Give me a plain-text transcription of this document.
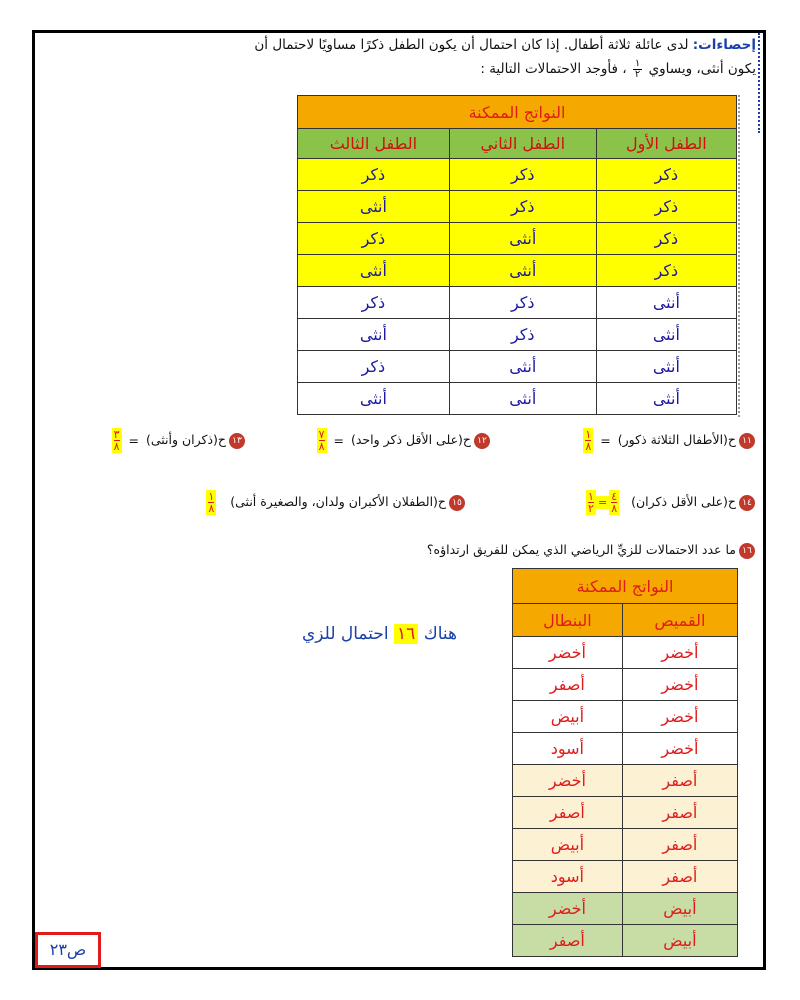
إحصاءات: لدى عائلة ثلاثة أطفال. إذا كان احتمال أن يكون الطفل ذكرًا مساويًا لاحتمال أن
يكون أنثى، ويساوي
$\frac{١}{٢}$
، فأوجد الاحتمالات التالية :
النواتج الممكنة		
الطفل الأول	الطفل الثاني	الطفل الثالث
ذكر	ذكر	ذكر
ذكر	ذكر	أنثى
ذكر	أنثى	ذكر
ذكر	أنثى	أنثى
أنثى	ذكر	ذكر
أنثى	ذكر	أنثى
أنثى	أنثى	ذكر
أنثى	أنثى	أنثى
١١ح(الأطفال الثلاثة ذكور) =
١
٨
١٢ح(على الأقل ذكر واحد) =
٧
٨
١٣ح(ذكران وأنثى) =
٣
٨
١٤ح(على الأقل ذكران)
٤
٨
=
١
٢
١٥ح(الطفلان الأكبران ولدان، والصغيرة أنثى)
١
٨
١٦ما عدد الاحتمالات للزيِّ الرياضي الذي يمكن للفريق ارتداؤه؟
النواتج الممكنة	
القميص	البنطال
أخضر	أخضر
أخضر	أصفر
أخضر	أبيض
أخضر	أسود
أصفر	أخضر
أصفر	أصفر
أصفر	أبيض
أصفر	أسود
أبيض	أخضر
أبيض	أصفر
هناك ١٦ احتمال للزي
ص٢٣
